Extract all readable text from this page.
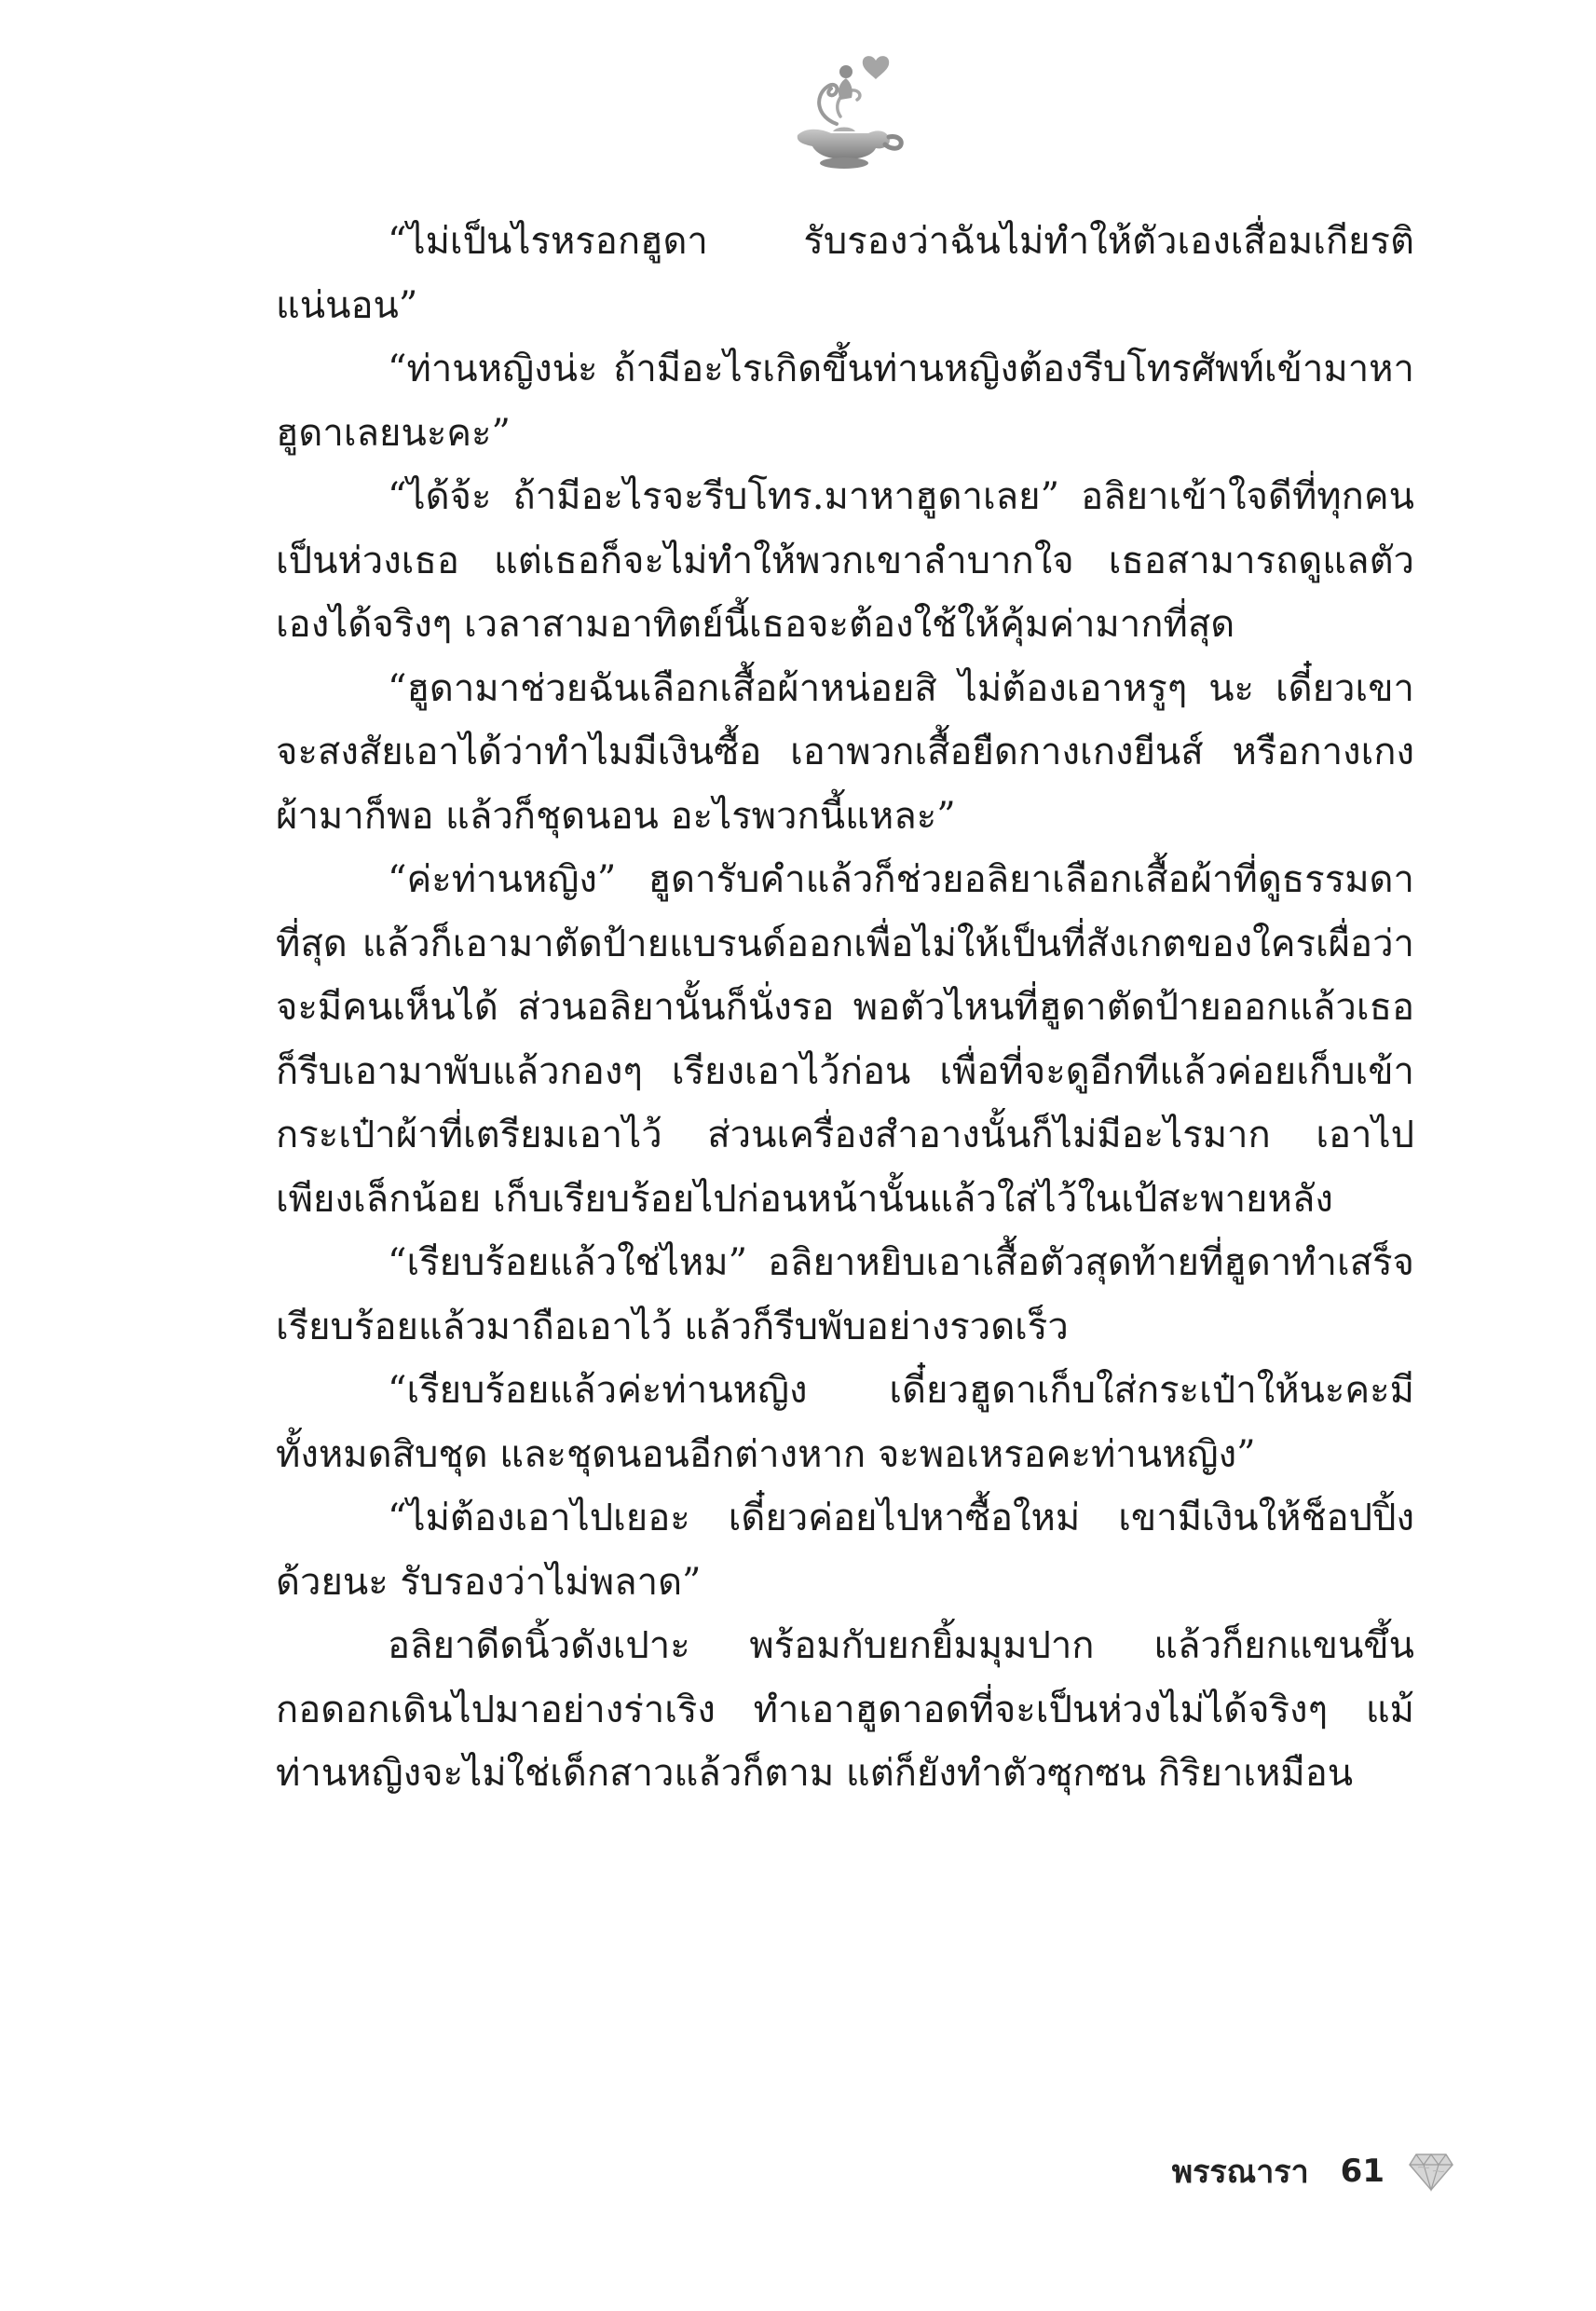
“ไม่เป็นไรหรอกฮูดา รับรองว่าฉันไม่ทำให้ตัวเองเสื่อมเกียรติแน่นอน”

“ท่านหญิงน่ะ ถ้ามีอะไรเกิดขึ้นท่านหญิงต้องรีบโทรศัพท์เข้ามาหาฮูดาเลยนะคะ”

“ได้จ้ะ ถ้ามีอะไรจะรีบโทร.มาหาฮูดาเลย” อลิยาเข้าใจดีที่ทุกคนเป็นห่วงเธอ แต่เธอก็จะไม่ทำให้พวกเขาลำบากใจ เธอสามารถดูแลตัวเองได้จริงๆ เวลาสามอาทิตย์นี้เธอจะต้องใช้ให้คุ้มค่ามากที่สุด

“ฮูดามาช่วยฉันเลือกเสื้อผ้าหน่อยสิ ไม่ต้องเอาหรูๆ นะ เดี๋ยวเขาจะสงสัยเอาได้ว่าทำไมมีเงินซื้อ เอาพวกเสื้อยืดกางเกงยีนส์ หรือกางเกงผ้ามาก็พอ แล้วก็ชุดนอน อะไรพวกนี้แหละ”

“ค่ะท่านหญิง” ฮูดารับคำแล้วก็ช่วยอลิยาเลือกเสื้อผ้าที่ดูธรรมดาที่สุด แล้วก็เอามาตัดป้ายแบรนด์ออกเพื่อไม่ให้เป็นที่สังเกตของใครเผื่อว่าจะมีคนเห็นได้ ส่วนอลิยานั้นก็นั่งรอ พอตัวไหนที่ฮูดาตัดป้ายออกแล้วเธอก็รีบเอามาพับแล้วกองๆ เรียงเอาไว้ก่อน เพื่อที่จะดูอีกทีแล้วค่อยเก็บเข้ากระเป๋าผ้าที่เตรียมเอาไว้ ส่วนเครื่องสำอางนั้นก็ไม่มีอะไรมาก เอาไปเพียงเล็กน้อย เก็บเรียบร้อยไปก่อนหน้านั้นแล้วใส่ไว้ในเป้สะพายหลัง

“เรียบร้อยแล้วใช่ไหม” อลิยาหยิบเอาเสื้อตัวสุดท้ายที่ฮูดาทำเสร็จเรียบร้อยแล้วมาถือเอาไว้ แล้วก็รีบพับอย่างรวดเร็ว

“เรียบร้อยแล้วค่ะท่านหญิง เดี๋ยวฮูดาเก็บใส่กระเป๋าให้นะคะมีทั้งหมดสิบชุด และชุดนอนอีกต่างหาก จะพอเหรอคะท่านหญิง”

“ไม่ต้องเอาไปเยอะ เดี๋ยวค่อยไปหาซื้อใหม่ เขามีเงินให้ช็อปปิ้งด้วยนะ รับรองว่าไม่พลาด”

อลิยาดีดนิ้วดังเปาะ พร้อมกับยกยิ้มมุมปาก แล้วก็ยกแขนขึ้นกอดอกเดินไปมาอย่างร่าเริง ทำเอาฮูดาอดที่จะเป็นห่วงไม่ได้จริงๆ แม้ท่านหญิงจะไม่ใช่เด็กสาวแล้วก็ตาม แต่ก็ยังทำตัวซุกซน กิริยาเหมือน

พรรณารา 61
